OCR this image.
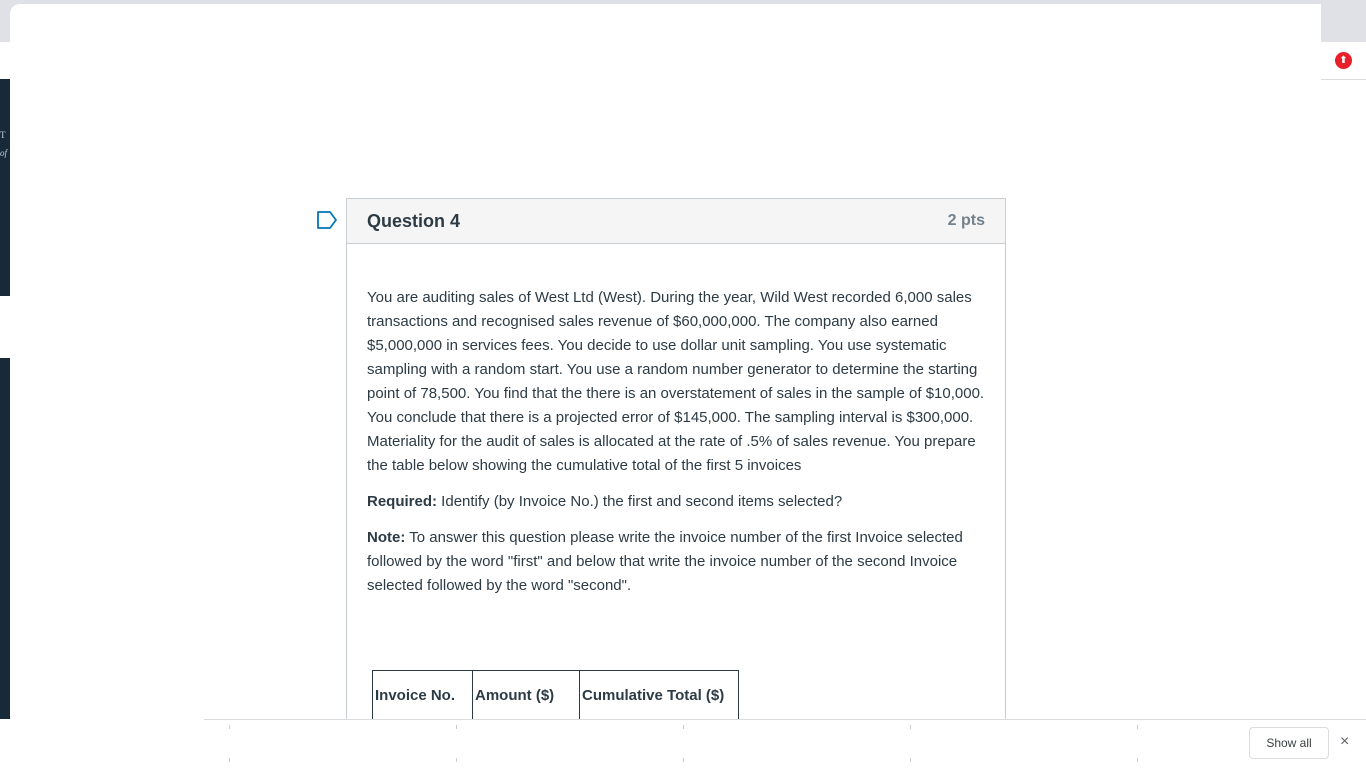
⬆
T
of
Question 4	2 pts

You are auditing sales of West Ltd (West). During the year, Wild West recorded 6,000 sales transactions and recognised sales revenue of $60,000,000. The company also earned $5,000,000 in services fees. You decide to use dollar unit sampling. You use systematic sampling with a random start. You use a random number generator to determine the starting point of 78,500. You find that the there is an overstatement of sales in the sample of $10,000. You conclude that there is a projected error of $145,000. The sampling interval is $300,000. Materiality for the audit of sales is allocated at the rate of .5% of sales revenue. You prepare the table below showing the cumulative total of the first 5 invoices

Required: Identify (by Invoice No.) the first and second items selected?

Note: To answer this question please write the invoice number of the first Invoice selected followed by the word "first" and below that write the invoice number of the second Invoice selected followed by the word "second".

Invoice No.	Amount ($)	Cumulative Total ($)
Show all	×
